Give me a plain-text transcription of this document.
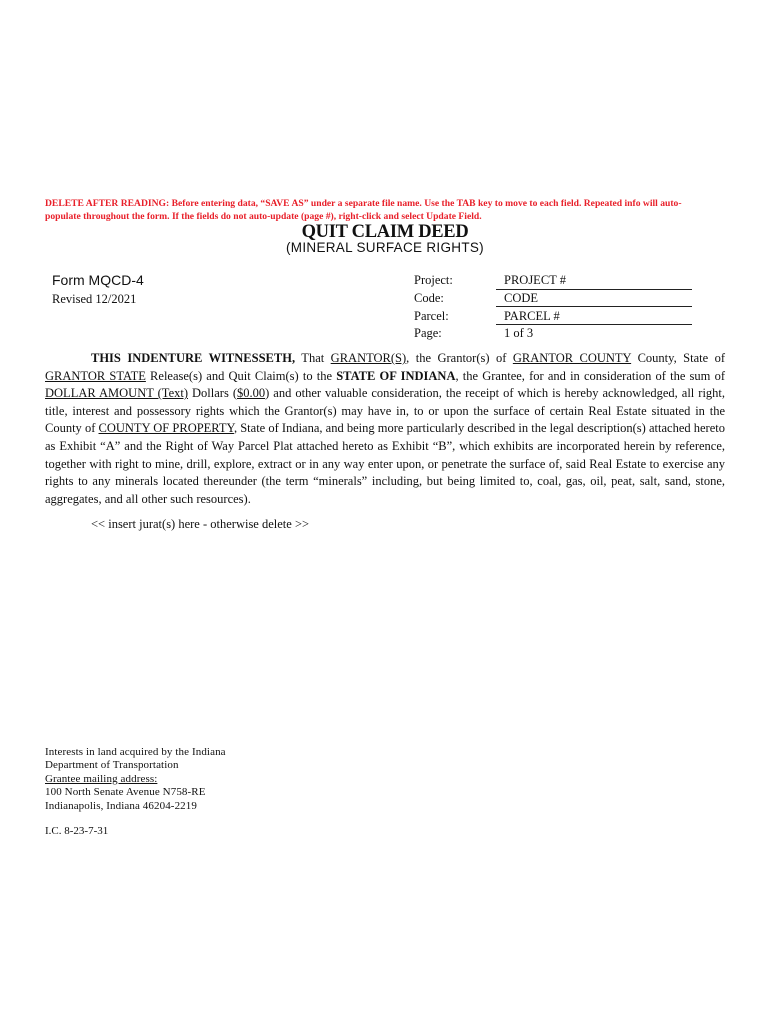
DELETE AFTER READING: Before entering data, “SAVE AS” under a separate file name. Use the TAB key to move to each field. Repeated info will auto-populate throughout the form. If the fields do not auto-update (page #), right-click and select Update Field.
QUIT CLAIM DEED
(MINERAL SURFACE RIGHTS)
Form MQCD-4
Revised 12/2021
Project:	PROJECT #
Code:	CODE
Parcel:	PARCEL #
Page:	1 of 3

THIS INDENTURE WITNESSETH, That GRANTOR(S), the Grantor(s) of GRANTOR COUNTY County, State of GRANTOR STATE Release(s) and Quit Claim(s) to the STATE OF INDIANA, the Grantee, for and in consideration of the sum of DOLLAR AMOUNT (Text) Dollars ($0.00) and other valuable consideration, the receipt of which is hereby acknowledged, all right, title, interest and possessory rights which the Grantor(s) may have in, to or upon the surface of certain Real Estate situated in the County of COUNTY OF PROPERTY, State of Indiana, and being more particularly described in the legal description(s) attached hereto as Exhibit “A” and the Right of Way Parcel Plat attached hereto as Exhibit “B”, which exhibits are incorporated herein by reference, together with right to mine, drill, explore, extract or in any way enter upon, or penetrate the surface of, said Real Estate to exercise any rights to any minerals located thereunder (the term “minerals” including, but being limited to, coal, gas, oil, peat, salt, sand, stone, aggregates, and all other such resources).

<< insert jurat(s) here - otherwise delete >>
Interests in land acquired by the Indiana
Department of Transportation
Grantee mailing address:
100 North Senate Avenue N758-RE
Indianapolis, Indiana 46204-2219
I.C. 8-23-7-31
